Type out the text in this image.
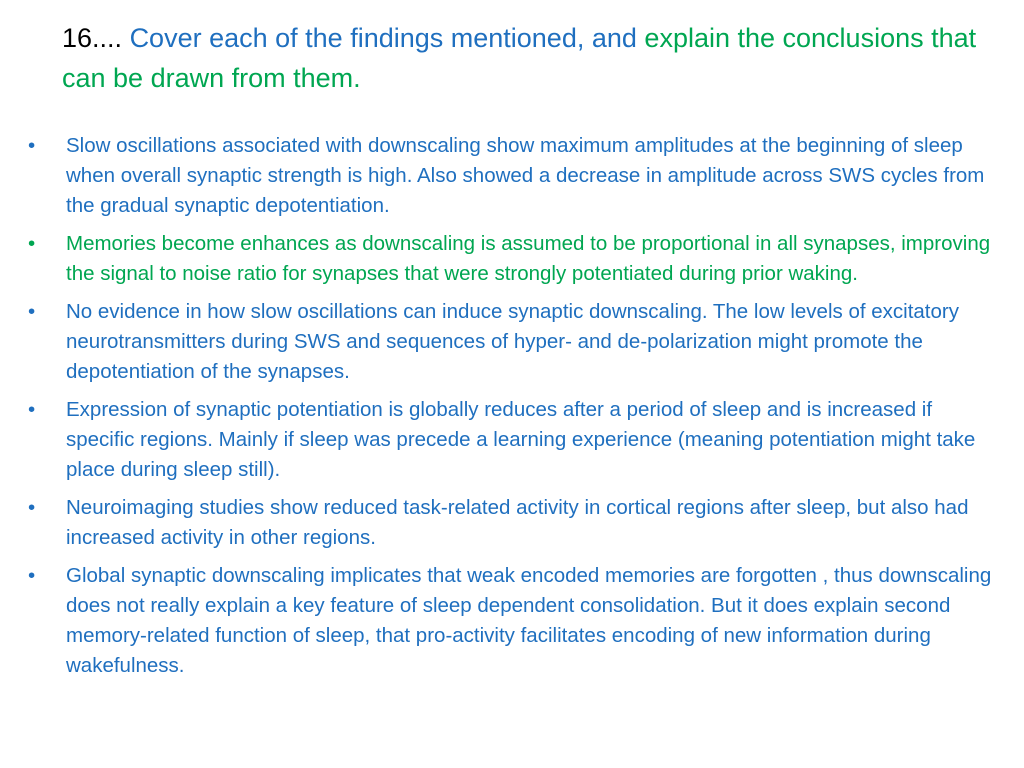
16.... Cover each of the findings mentioned, and explain the conclusions that can be drawn from them.
•	Slow oscillations associated with downscaling show maximum amplitudes at the beginning of sleep when overall synaptic strength is high. Also showed a decrease in amplitude across SWS cycles from the gradual synaptic depotentiation.
•	Memories become enhances as downscaling is assumed to be proportional in all synapses, improving the signal to noise ratio for synapses that were strongly potentiated during prior waking.
•	No evidence in how slow oscillations can induce synaptic downscaling. The low levels of excitatory neurotransmitters during SWS and sequences of hyper- and de-polarization might promote the depotentiation of the synapses.
•	Expression of synaptic potentiation is globally reduces after a period of sleep and is increased if specific regions. Mainly if sleep was precede a learning experience (meaning potentiation might take place during sleep still).
•	Neuroimaging studies show reduced task-related activity in cortical regions after sleep, but also had increased activity in other regions.
•	Global synaptic downscaling implicates that weak encoded memories are forgotten , thus downscaling does not really explain a key feature of sleep dependent consolidation. But it does explain second memory-related function of sleep, that pro-activity facilitates encoding of new information during wakefulness.
